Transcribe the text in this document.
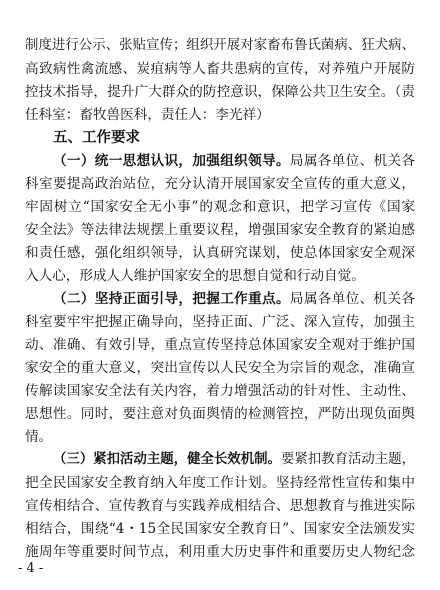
制度进行公示、张贴宣传；组织开展对家畜布鲁氏菌病、狂犬病、
高致病性禽流感、炭疽病等人畜共患病的宣传，对养殖户开展防
控技术指导，提升广大群众的防控意识，保障公共卫生安全。（责
任科室：畜牧兽医科，责任人：李光祥）
五、工作要求
（一）统一思想认识，加强组织领导。局属各单位、机关各
科室要提高政治站位，充分认清开展国家安全宣传的重大意义，
牢固树立“国家安全无小事”的观念和意识，把学习宣传《国家
安全法》等法律法规摆上重要议程，增强国家安全教育的紧迫感
和责任感，强化组织领导，认真研究谋划，使总体国家安全观深
入人心，形成人人维护国家安全的思想自觉和行动自觉。
（二）坚持正面引导，把握工作重点。局属各单位、机关各
科室要牢牢把握正确导向，坚持正面、广泛、深入宣传，加强主
动、准确、有效引导，重点宣传坚持总体国家安全观对于维护国
家安全的重大意义，突出宣传以人民安全为宗旨的观念，准确宣
传解读国家安全法有关内容，着力增强活动的针对性、主动性、
思想性。同时，要注意对负面舆情的检测管控，严防出现负面舆
情。
（三）紧扣活动主题，健全长效机制。要紧扣教育活动主题，
把全民国家安全教育纳入年度工作计划。坚持经常性宣传和集中
宣传相结合、宣传教育与实践养成相结合、思想教育与推进实际
相结合，围绕“4・15全民国家安全教育日”、国家安全法颁发实
施周年等重要时间节点，利用重大历史事件和重要历史人物纪念
- 4 -
